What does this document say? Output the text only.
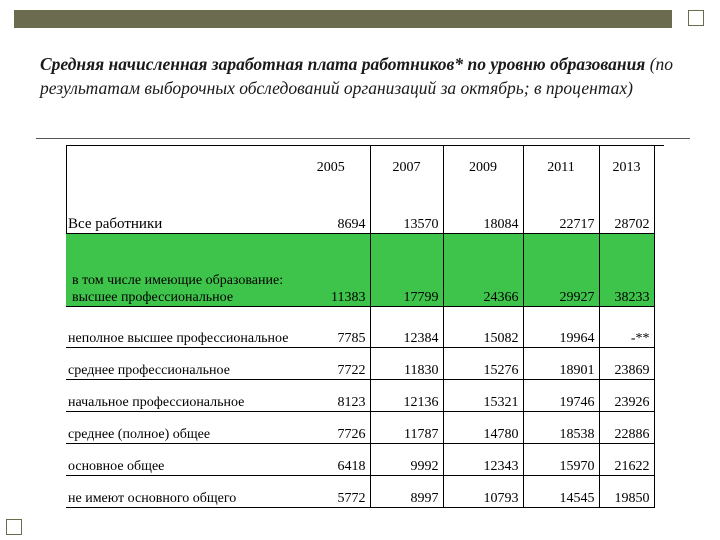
Средняя начисленная заработная плата работников* по уровню образования (по результатам выборочных обследований организаций за октябрь; в процентах)
	2005	2007	2009	2011	2013
Все работники	8694	13570	18084	22717	28702
в том числе имеющие образование:
высшее профессиональное	11383	17799	24366	29927	38233
неполное высшее профессиональное	7785	12384	15082	19964	-**
среднее профессиональное	7722	11830	15276	18901	23869
начальное профессиональное	8123	12136	15321	19746	23926
среднее (полное) общее	7726	11787	14780	18538	22886
основное общее	6418	9992	12343	15970	21622
не имеют основного общего	5772	8997	10793	14545	19850
